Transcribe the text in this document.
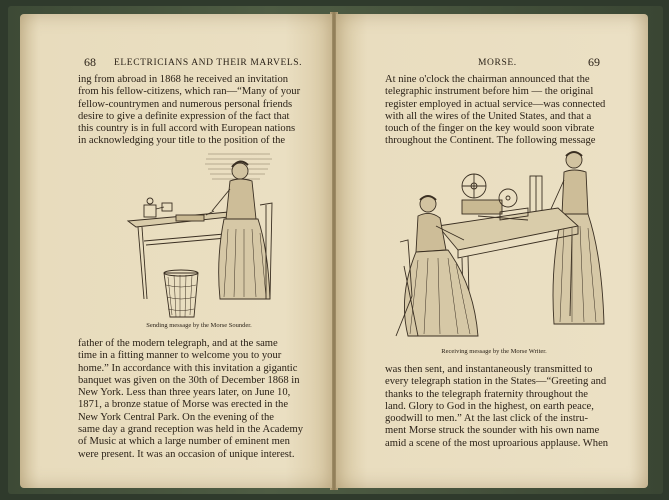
68 ELECTRICIANS AND THEIR MARVELS.

ing from abroad in 1868 he received an invitation

from his fellow-citizens, which ran—“Many of your

fellow-countrymen and numerous personal friends

desire to give a definite expression of the fact that

this country is in full accord with European nations

in acknowledging your title to the position of the

Sending message by the Morse Sounder.

father of the modern telegraph, and at the same

time in a fitting manner to welcome you to your

home.” In accordance with this invitation a gigantic

banquet was given on the 30th of December 1868 in

New York. Less than three years later, on June 10,

1871, a bronze statue of Morse was erected in the

New York Central Park. On the evening of the

same day a grand reception was held in the Academy

of Music at which a large number of eminent men

were present. It was an occasion of unique interest.

MORSE.	69

At nine o'clock the chairman announced that the

telegraphic instrument before him — the original

register employed in actual service—was connected

with all the wires of the United States, and that a

touch of the finger on the key would soon vibrate

throughout the Continent. The following message

Receiving message by the Morse Writer.

was then sent, and instantaneously transmitted to

every telegraph station in the States—“Greeting and

thanks to the telegraph fraternity throughout the

land. Glory to God in the highest, on earth peace,

goodwill to men.” At the last click of the instru-

ment Morse struck the sounder with his own name

amid a scene of the most uproarious applause. When
